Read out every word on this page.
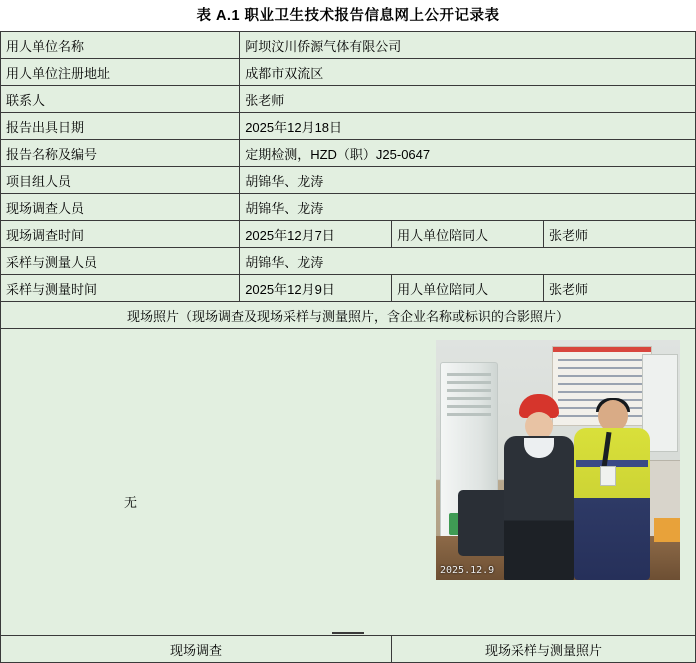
表 A.1 职业卫生技术报告信息网上公开记录表
用人单位名称	阿坝汶川侨源气体有限公司		
用人单位注册地址	成都市双流区		
联系人	张老师		
报告出具日期	2025年12月18日		
报告名称及编号	定期检测，HZD（职）J25-0647		
项目组人员	胡锦华、龙涛		
现场调查人员	胡锦华、龙涛		
现场调查时间	2025年12月7日	用人单位陪同人	张老师
采样与测量人员	胡锦华、龙涛		
采样与测量时间	2025年12月9日	用人单位陪同人	张老师
现场照片（现场调查及现场采样与测量照片，含企业名称或标识的合影照片）			

无
2025.12.9			

现场调查		现场采样与测量照片	
